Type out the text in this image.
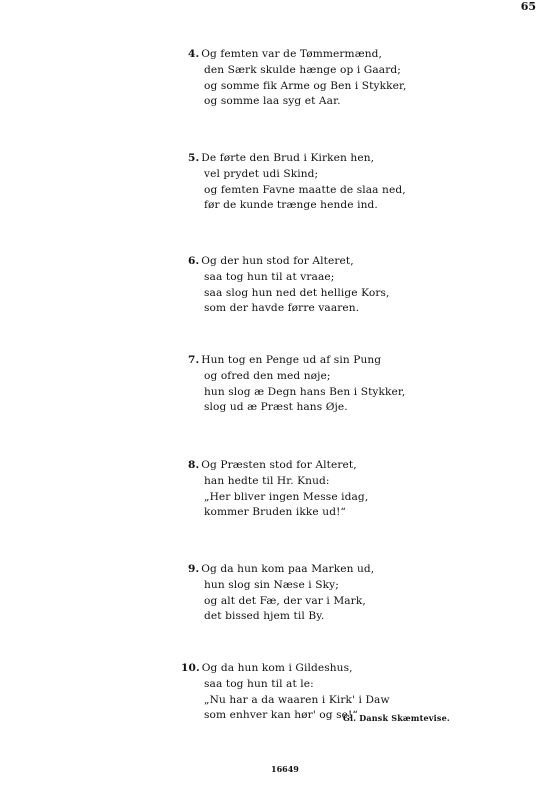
65
4. Og femten var de Tømmermænd,
den Særk skulde hænge op i Gaard;
og somme fik Arme og Ben i Stykker,
og somme laa syg et Aar.
5. De førte den Brud i Kirken hen,
vel prydet udi Skind;
og femten Favne maatte de slaa ned,
før de kunde trænge hende ind.
6. Og der hun stod for Alteret,
saa tog hun til at vraae;
saa slog hun ned det hellige Kors,
som der havde førre vaaren.
7. Hun tog en Penge ud af sin Pung
og ofred den med nøje;
hun slog æ Degn hans Ben i Stykker,
slog ud æ Præst hans Øje.
8. Og Præsten stod for Alteret,
han hedte til Hr. Knud:
„Her bliver ingen Messe idag,
kommer Bruden ikke ud!“
9. Og da hun kom paa Marken ud,
hun slog sin Næse i Sky;
og alt det Fæ, der var i Mark,
det bissed hjem til By.
10. Og da hun kom i Gildeshus,
saa tog hun til at le:
„Nu har a da waaren i Kirk' i Daw
som enhver kan hør' og se!“
Gl. Dansk Skæmtevise.
16649
